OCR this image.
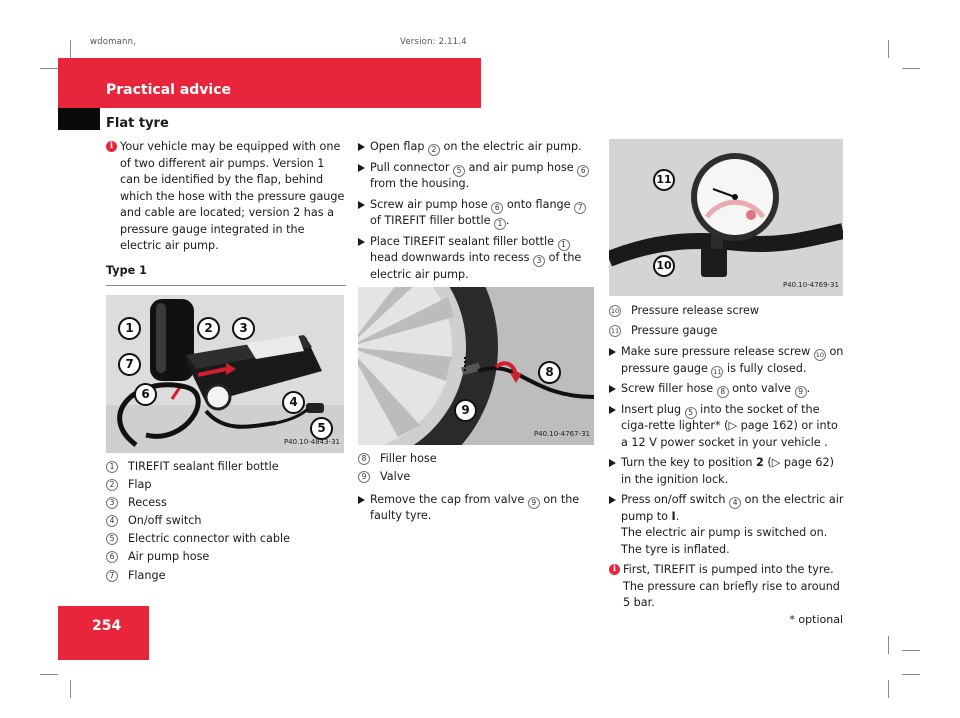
wdomann,	Version: 2.11.4
Practical advice
Flat tyre
i Your vehicle may be equipped with one of two different air pumps. Version 1 can be identified by the flap, behind which the hose with the pressure gauge and cable are located; version 2 has a pressure gauge integrated in the electric air pump.
Type 1
1	2	3
4
5
6
7
P40.10-4843-31
1	TIREFIT sealant filler bottle
2	Flap
3	Recess
4	On/off switch
5	Electric connector with cable
6	Air pump hose
7	Flange
Open flap 2 on the electric air pump.
Pull connector 5 and air pump hose 6 from the housing.
Screw air pump hose 6 onto flange 7 of TIREFIT filler bottle 1 .
Place TIREFIT sealant filler bottle 1 head downwards into recess 3 of the electric air pump.
8
9
P40.10-4767-31
8	Filler hose
9	Valve
Remove the cap from valve 9 on the faulty tyre.
11
10
P40.10-4769-31
10 Pressure release screw
11 Pressure gauge
Make sure pressure release screw 10 on pressure gauge 11 is fully closed.
Screw filler hose 8 onto valve 9 .
Insert plug 5 into the socket of the ciga-rette lighter* (▷ page 162) or into a 12 V power socket in your vehicle .
Turn the key to position 2 (▷ page 62) in the ignition lock.
Press on/off switch 4 on the electric air pump to I.
The electric air pump is switched on. The tyre is inflated.
i First, TIREFIT is pumped into the tyre. The pressure can briefly rise to around 5 bar.
254	* optional
